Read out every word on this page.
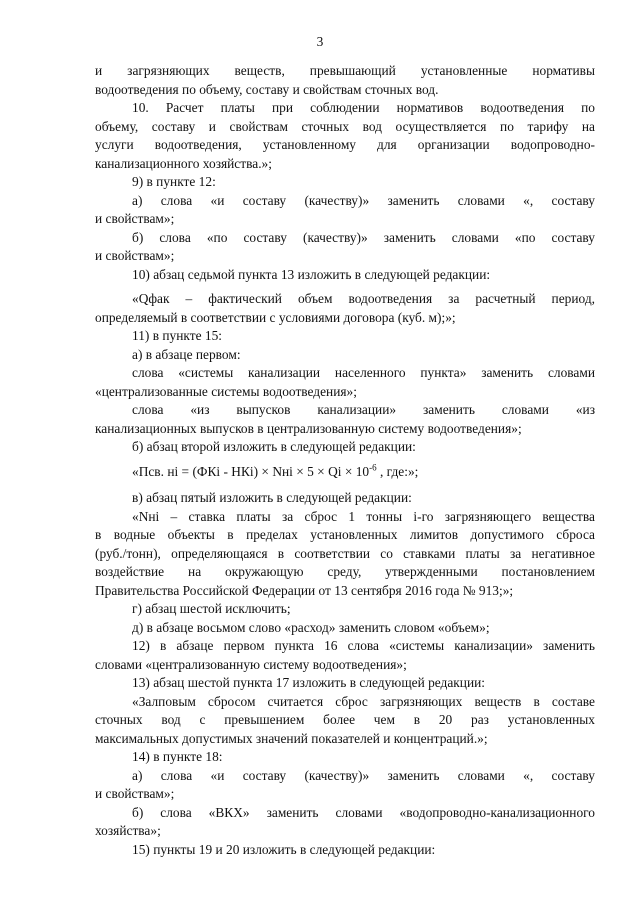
3

и загрязняющих веществ, превышающий установленные нормативы

водоотведения по объему, составу и свойствам сточных вод.

10. Расчет платы при соблюдении нормативов водоотведения по

объему, составу и свойствам сточных вод осуществляется по тарифу на

услуги водоотведения, установленному для организации водопроводно-

канализационного хозяйства.»;

9) в пункте 12:

а) слова «и составу (качеству)» заменить словами «, составу

и свойствам»;

б) слова «по составу (качеству)» заменить словами «по составу

и свойствам»;

10) абзац седьмой пункта 13 изложить в следующей редакции:

«Qфак – фактический объем водоотведения за расчетный период,

определяемый в соответствии с условиями договора (куб. м);»;

11) в пункте 15:

а) в абзаце первом:

слова «системы канализации населенного пункта» заменить словами

«централизованные системы водоотведения»;

слова «из выпусков канализации» заменить словами «из

канализационных выпусков в централизованную систему водоотведения»;

б) абзац второй изложить в следующей редакции:

«Псв. нi = (ФКi - НКi) × Nнi × $5 \times Qi \times 10^{-6}$ , где:»;

в) абзац пятый изложить в следующей редакции:

«Nнi – ставка платы за сброс 1 тонны i-го загрязняющего вещества

в водные объекты в пределах установленных лимитов допустимого сброса

(руб./тонн), определяющаяся в соответствии со ставками платы за негативное

воздействие на окружающую среду, утвержденными постановлением

Правительства Российской Федерации от 13 сентября 2016 года № 913;»;

г) абзац шестой исключить;

д) в абзаце восьмом слово «расход» заменить словом «объем»;

12) в абзаце первом пункта 16 слова «системы канализации» заменить

словами «централизованную систему водоотведения»;

13) абзац шестой пункта 17 изложить в следующей редакции:

«Залповым сбросом считается сброс загрязняющих веществ в составе

сточных вод с превышением более чем в 20 раз установленных

максимальных допустимых значений показателей и концентраций.»;

14) в пункте 18:

а) слова «и составу (качеству)» заменить словами «, составу

и свойствам»;

б) слова «ВКХ» заменить словами «водопроводно-канализационного

хозяйства»;

15) пункты 19 и 20 изложить в следующей редакции:
